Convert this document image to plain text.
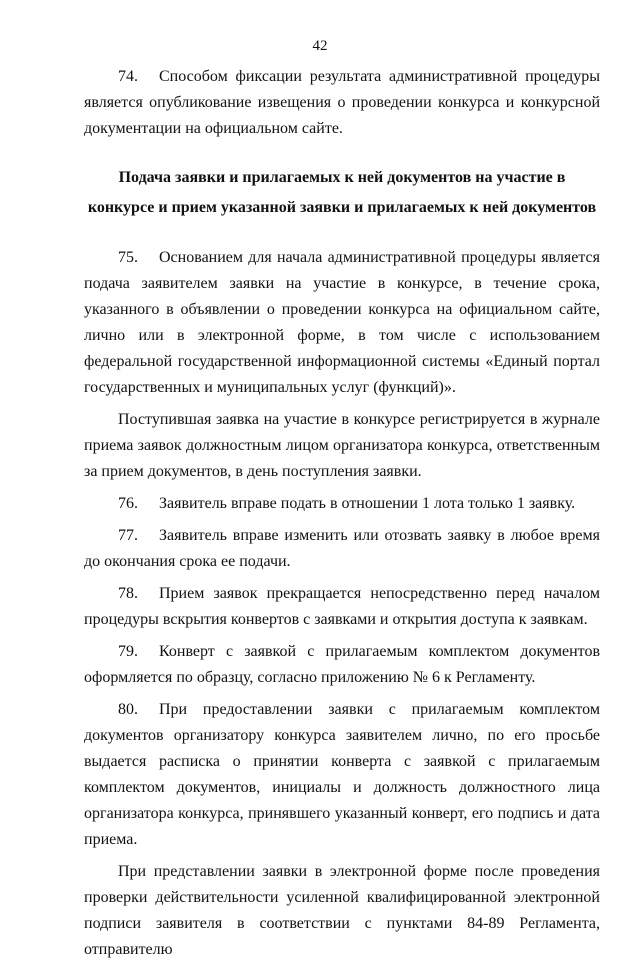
42

74. Способом фиксации результата административной процедуры является опубликование извещения о проведении конкурса и конкурсной документации на официальном сайте.

Подача заявки и прилагаемых к ней документов на участие в конкурсе и прием указанной заявки и прилагаемых к ней документов

75. Основанием для начала административной процедуры является подача заявителем заявки на участие в конкурсе, в течение срока, указанного в объявлении о проведении конкурса на официальном сайте, лично или в электронной форме, в том числе с использованием федеральной государственной информационной системы «Единый портал государственных и муниципальных услуг (функций)».

Поступившая заявка на участие в конкурсе регистрируется в журнале приема заявок должностным лицом организатора конкурса, ответственным за прием документов, в день поступления заявки.

76. Заявитель вправе подать в отношении 1 лота только 1 заявку.

77. Заявитель вправе изменить или отозвать заявку в любое время до окончания срока ее подачи.

78. Прием заявок прекращается непосредственно перед началом процедуры вскрытия конвертов с заявками и открытия доступа к заявкам.

79. Конверт с заявкой с прилагаемым комплектом документов оформляется по образцу, согласно приложению № 6 к Регламенту.

80. При предоставлении заявки с прилагаемым комплектом документов организатору конкурса заявителем лично, по его просьбе выдается расписка о принятии конверта с заявкой с прилагаемым комплектом документов, инициалы и должность должностного лица организатора конкурса, принявшего указанный конверт, его подпись и дата приема.

При представлении заявки в электронной форме после проведения проверки действительности усиленной квалифицированной электронной подписи заявителя в соответствии с пунктами 84-89 Регламента, отправителю
